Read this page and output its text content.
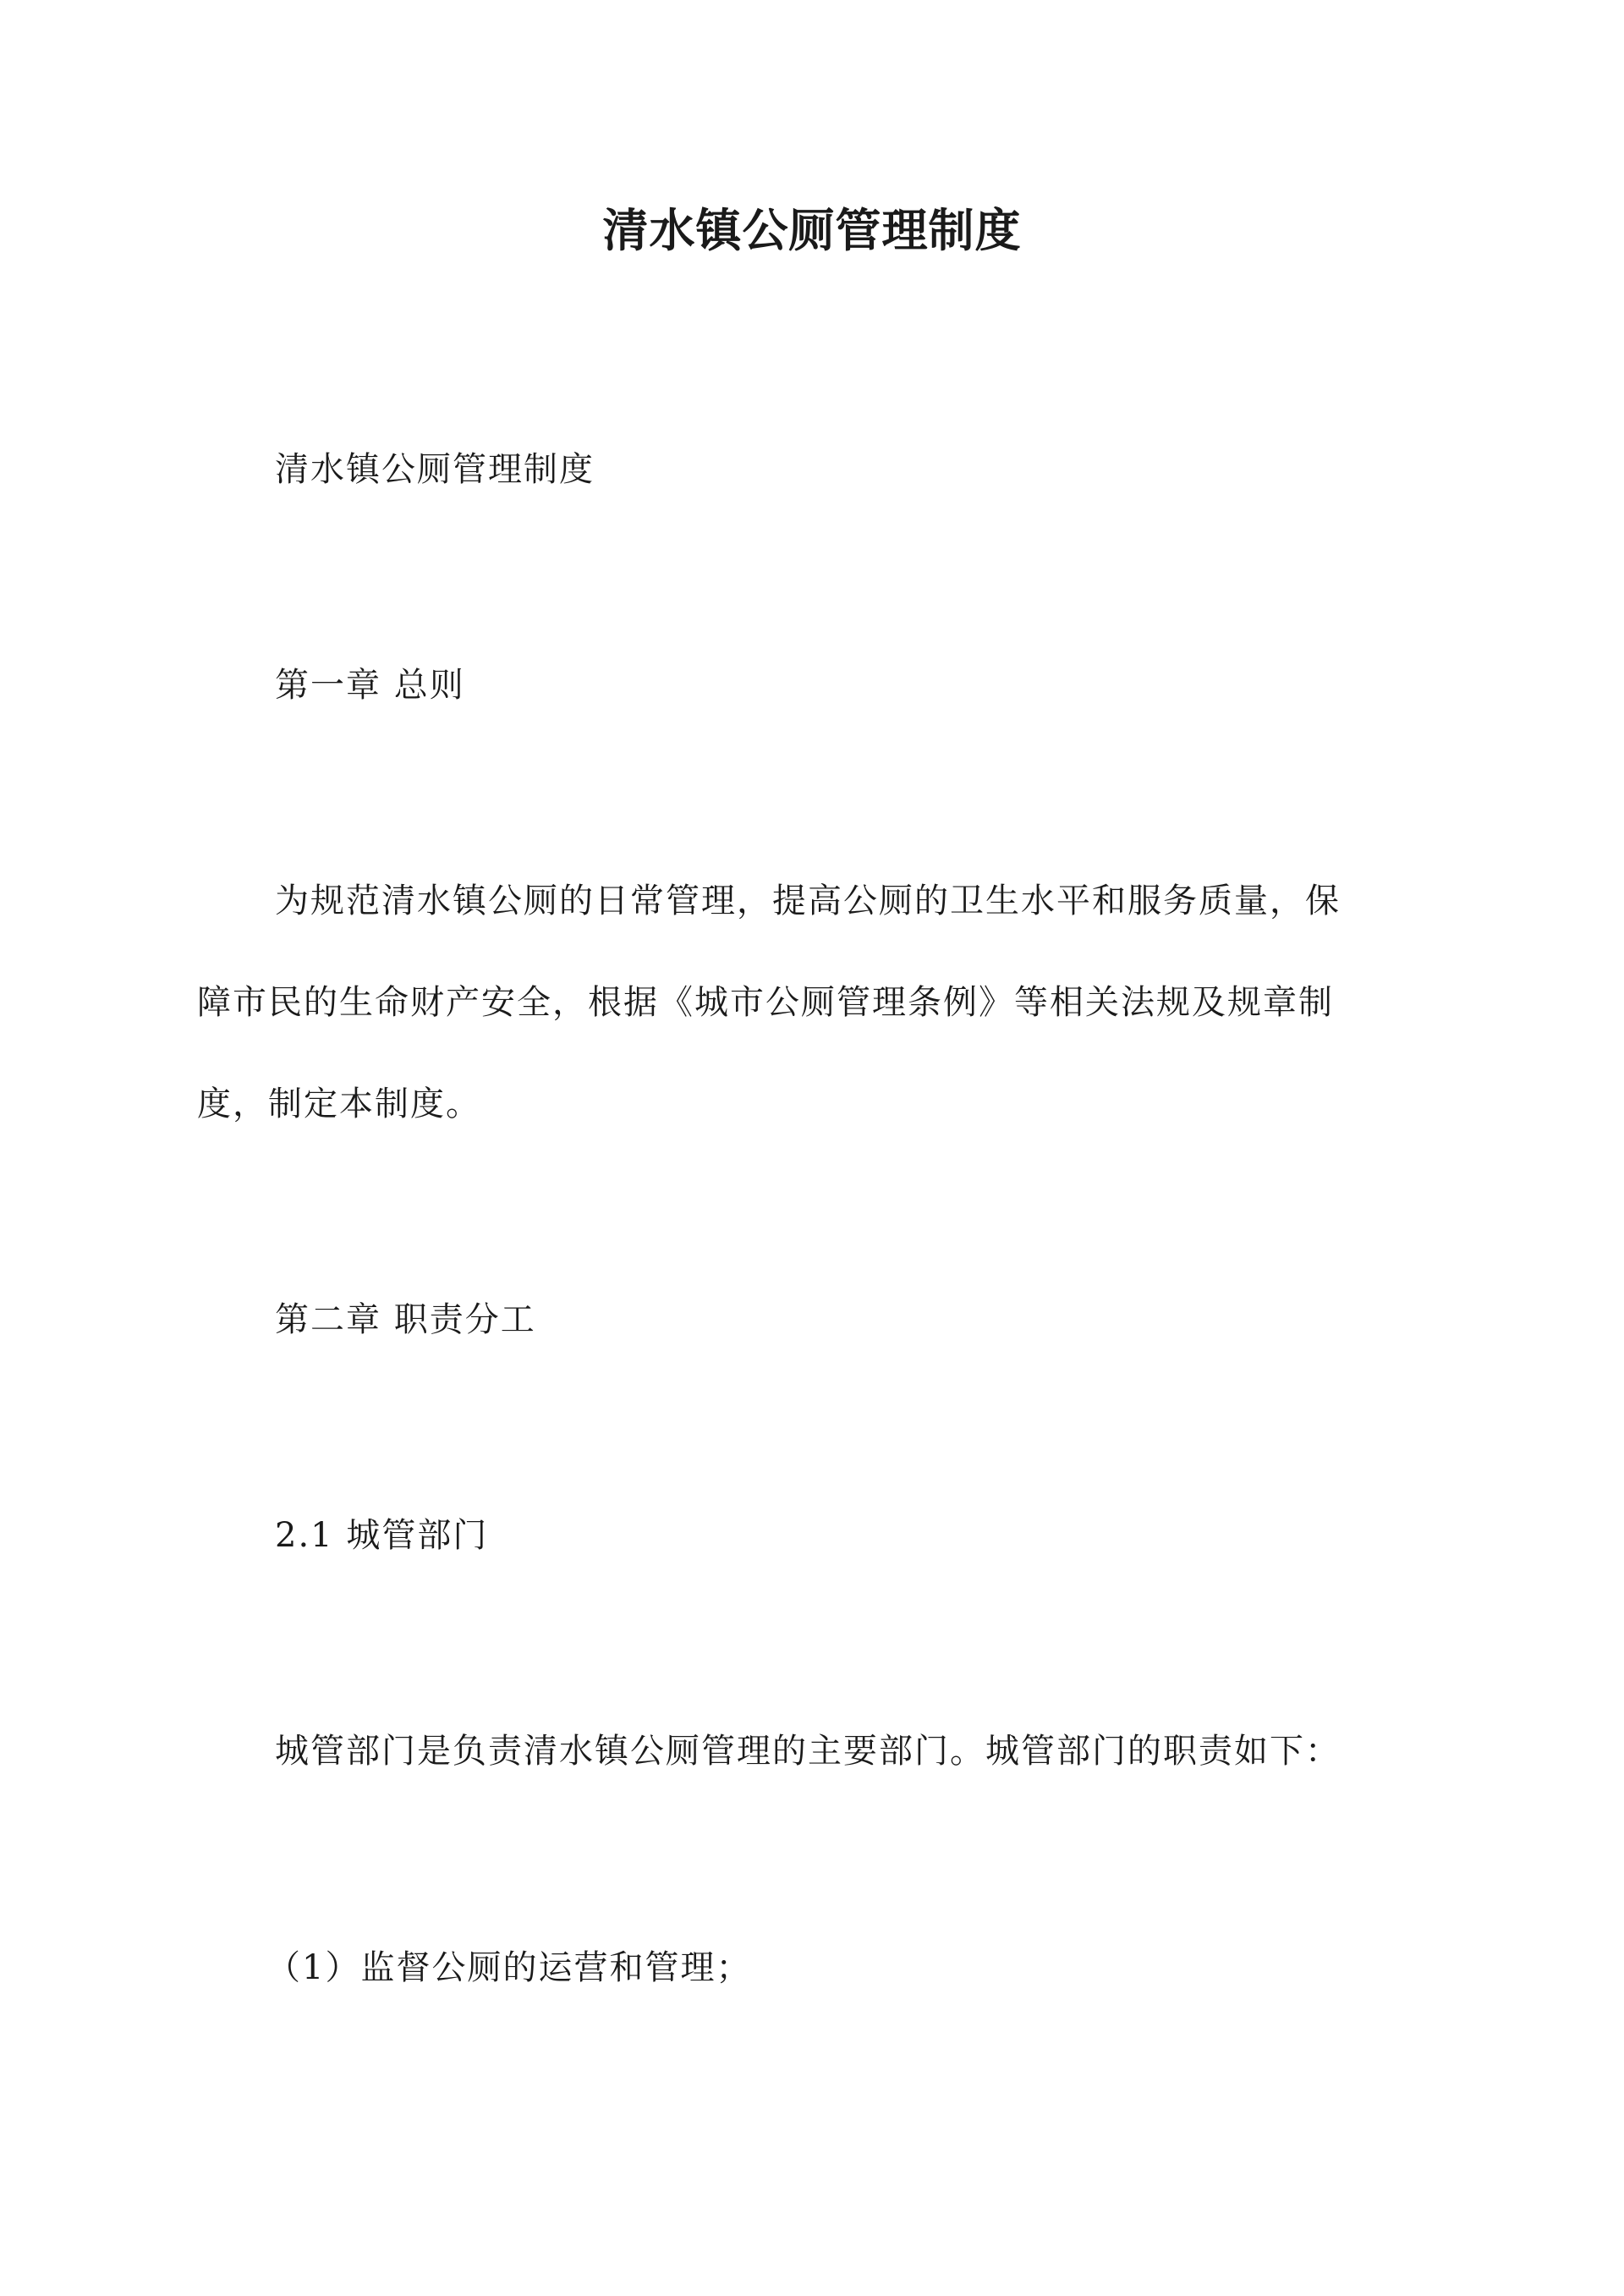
清水镇公厕管理制度

清水镇公厕管理制度

第一章 总则

为规范清水镇公厕的日常管理，提高公厕的卫生水平和服务质量，保

障市民的生命财产安全，根据《城市公厕管理条例》等相关法规及规章制

度，制定本制度。

第二章 职责分工

2.1 城管部门

城管部门是负责清水镇公厕管理的主要部门。城管部门的职责如下：

（1）监督公厕的运营和管理；
